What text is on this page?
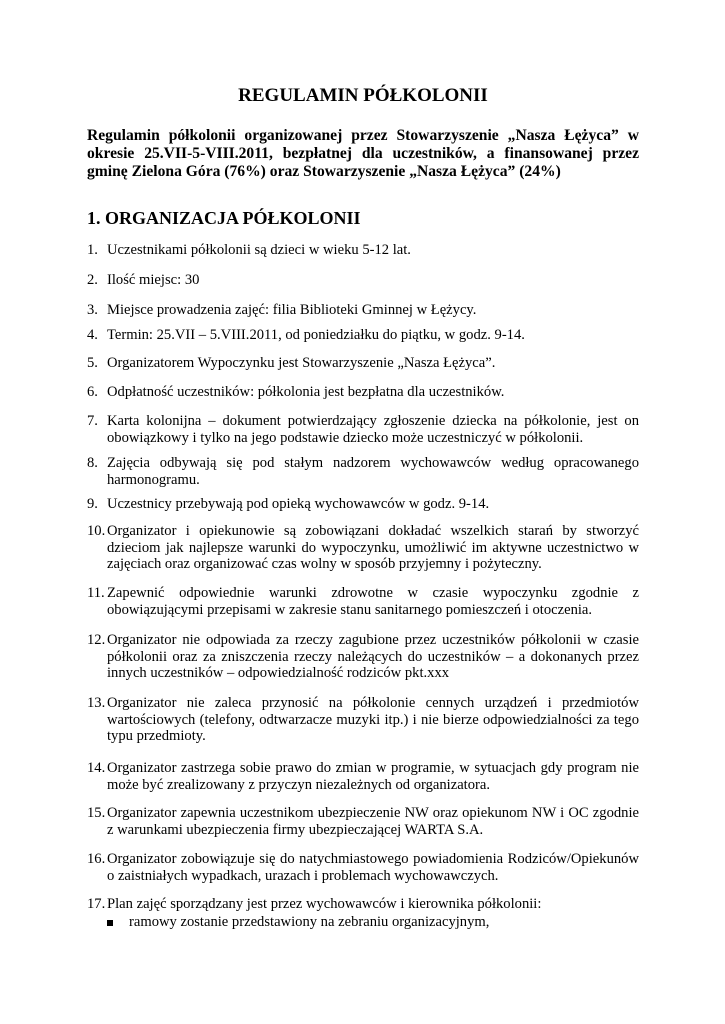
REGULAMIN PÓŁKOLONII

Regulamin półkolonii organizowanej przez Stowarzyszenie „Nasza Łężyca” w okresie 25.VII-5-VIII.2011, bezpłatnej dla uczestników, a finansowanej przez gminę Zielona Góra (76%) oraz Stowarzyszenie „Nasza Łężyca” (24%)

1. ORGANIZACJA PÓŁKOLONII
1. Uczestnikami półkolonii są dzieci w wieku 5-12 lat.
2. Ilość miejsc: 30
3. Miejsce prowadzenia zajęć: filia Biblioteki Gminnej w Łężycy.
4. Termin: 25.VII – 5.VIII.2011, od poniedziałku do piątku, w godz. 9-14.
5. Organizatorem Wypoczynku jest Stowarzyszenie „Nasza Łężyca”.
6. Odpłatność uczestników: półkolonia jest bezpłatna dla uczestników.
7. Karta kolonijna – dokument potwierdzający zgłoszenie dziecka na półkolonie, jest on obowiązkowy i tylko na jego podstawie dziecko może uczestniczyć w półkolonii.
8. Zajęcia odbywają się pod stałym nadzorem wychowawców według opracowanego harmonogramu.
9. Uczestnicy przebywają pod opieką wychowawców w godz. 9-14.
10. Organizator i opiekunowie są zobowiązani dokładać wszelkich starań by stworzyć dzieciom jak najlepsze warunki do wypoczynku, umożliwić im aktywne uczestnictwo w zajęciach oraz organizować czas wolny w sposób przyjemny i pożyteczny.
11. Zapewnić odpowiednie warunki zdrowotne w czasie wypoczynku zgodnie z obowiązującymi przepisami w zakresie stanu sanitarnego pomieszczeń i otoczenia.
12. Organizator nie odpowiada za rzeczy zagubione przez uczestników półkolonii w czasie półkolonii oraz za zniszczenia rzeczy należących do uczestników – a dokonanych przez innych uczestników – odpowiedzialność rodziców pkt.xxx
13. Organizator nie zaleca przynosić na półkolonie cennych urządzeń i przedmiotów wartościowych (telefony, odtwarzacze muzyki itp.) i nie bierze odpowiedzialności za tego typu przedmioty.
14. Organizator zastrzega sobie prawo do zmian w programie, w sytuacjach gdy program nie może być zrealizowany z przyczyn niezależnych od organizatora.
15. Organizator zapewnia uczestnikom ubezpieczenie NW oraz opiekunom NW i OC zgodnie z warunkami ubezpieczenia firmy ubezpieczającej WARTA S.A.
16. Organizator zobowiązuje się do natychmiastowego powiadomienia Rodziców/Opiekunów o zaistniałych wypadkach, urazach i problemach wychowawczych.
17. Plan zajęć sporządzany jest przez wychowawców i kierownika półkolonii:
ramowy zostanie przedstawiony na zebraniu organizacyjnym,
